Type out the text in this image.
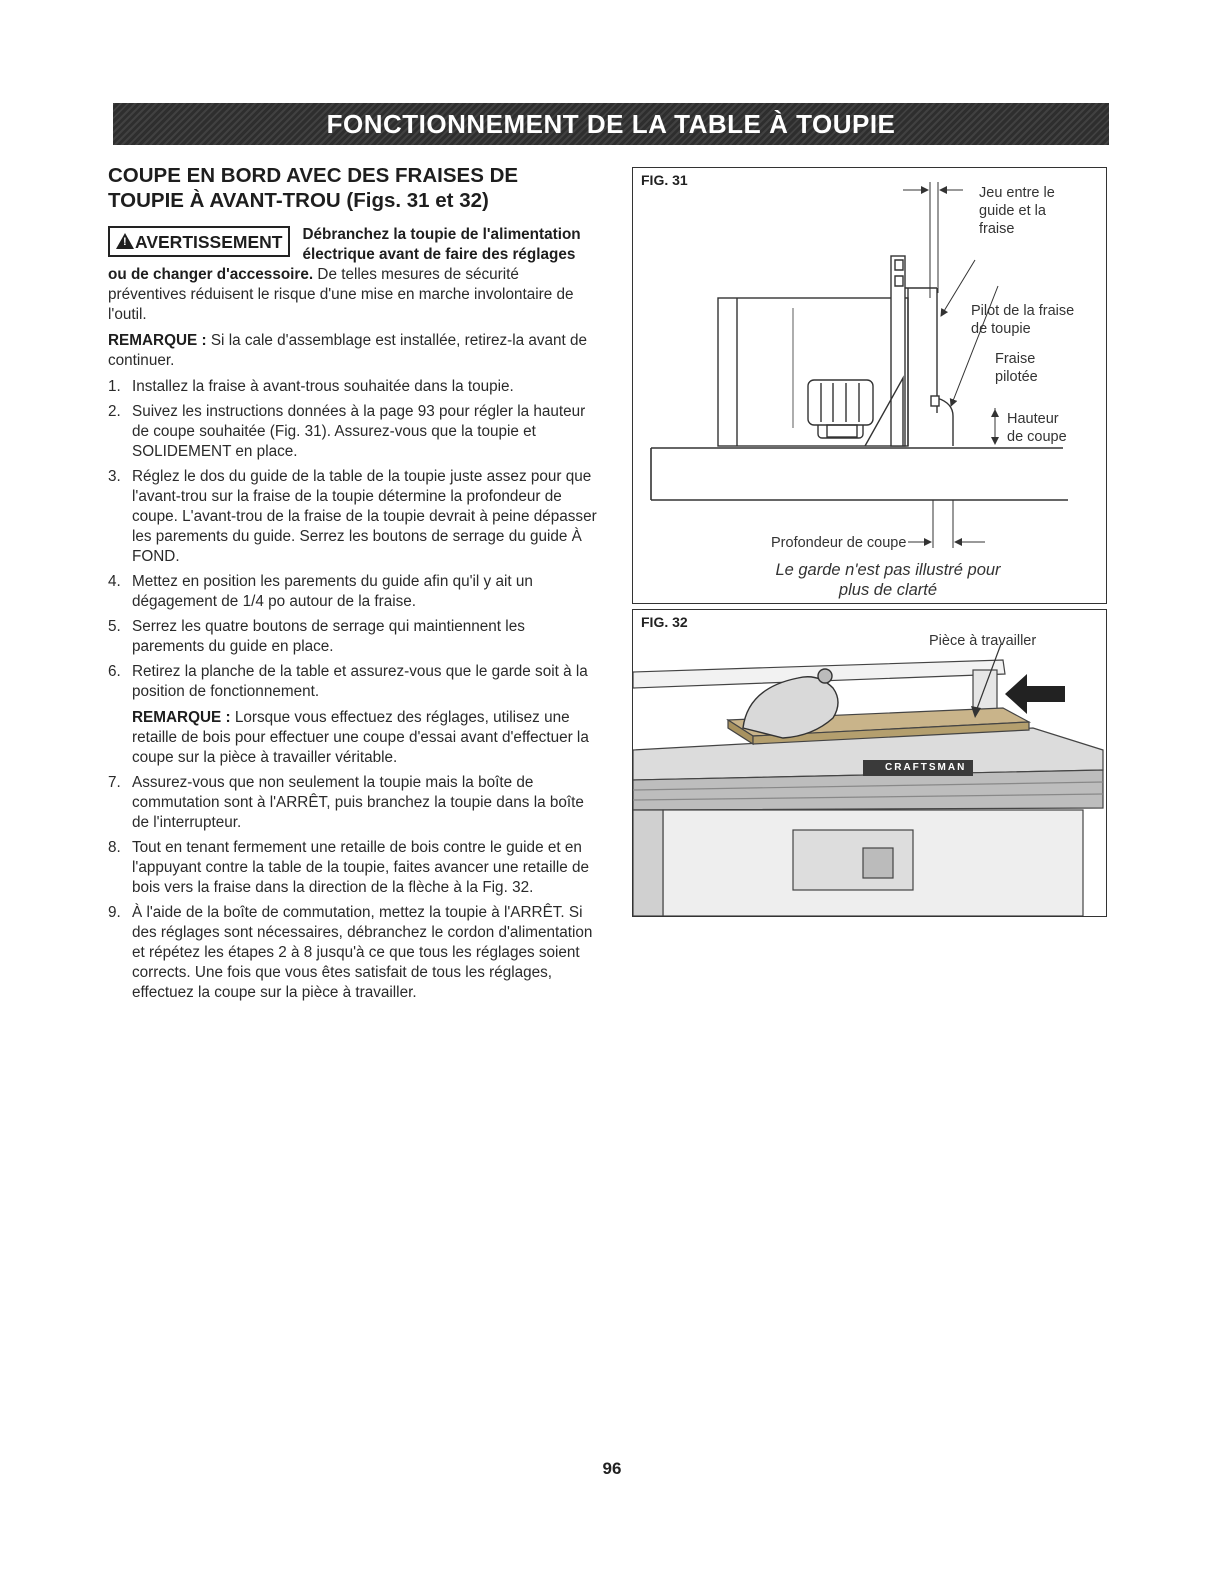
FONCTIONNEMENT DE LA TABLE À TOUPIE
COUPE EN BORD AVEC DES FRAISES DE
TOUPIE À AVANT-TROU (Figs. 31 et 32)
! AVERTISSEMENT	Débranchez la toupie de l'alimentation électrique avant de faire des réglages ou de changer d'accessoire. De telles mesures de sécurité préventives réduisent le risque d'une mise en marche involontaire de l'outil.

REMARQUE : Si la cale d'assemblage est installée, retirez-la avant de continuer.

1. Installez la fraise à avant-trous souhaitée dans la toupie.
2. Suivez les instructions données à la page 93 pour régler la hauteur de coupe souhaitée (Fig. 31). Assurez-vous que la toupie et SOLIDEMENT en place.
3. Réglez le dos du guide de la table de la toupie juste assez pour que l'avant-trou sur la fraise de la toupie détermine la profondeur de coupe. L'avant-trou de la fraise de la toupie devrait à peine dépasser les parements du guide. Serrez les boutons de serrage du guide À FOND.
4. Mettez en position les parements du guide afin qu'il y ait un dégagement de 1/4 po autour de la fraise.
5. Serrez les quatre boutons de serrage qui maintiennent les parements du guide en place.
6. Retirez la planche de la table et assurez-vous que le garde soit à la position de fonctionnement.
REMARQUE : Lorsque vous effectuez des réglages, utilisez une retaille de bois pour effectuer une coupe d'essai avant d'effectuer la coupe sur la pièce à travailler véritable.
7. Assurez-vous que non seulement la toupie mais la boîte de commutation sont à l'ARRÊT, puis branchez la toupie dans la boîte de l'interrupteur.
8. Tout en tenant fermement une retaille de bois contre le guide et en l'appuyant contre la table de la toupie, faites avancer une retaille de bois vers la fraise dans la direction de la flèche à la Fig. 32.
9. À l'aide de la boîte de commutation, mettez la toupie à l'ARRÊT. Si des réglages sont nécessaires, débranchez le cordon d'alimentation et répétez les étapes 2 à 8 jusqu'à ce que tous les réglages soient corrects. Une fois que vous êtes satisfait de tous les réglages, effectuez la coupe sur la pièce à travailler.
FIG. 31
Jeu entre le
guide et la
fraise
Pilot de la fraise
de toupie
Fraise
pilotée
Hauteur
de coupe
Profondeur de coupe
Le garde n'est pas illustré pour
plus de clarté
FIG. 32
Pièce à travailler
CRAFTSMAN
96
